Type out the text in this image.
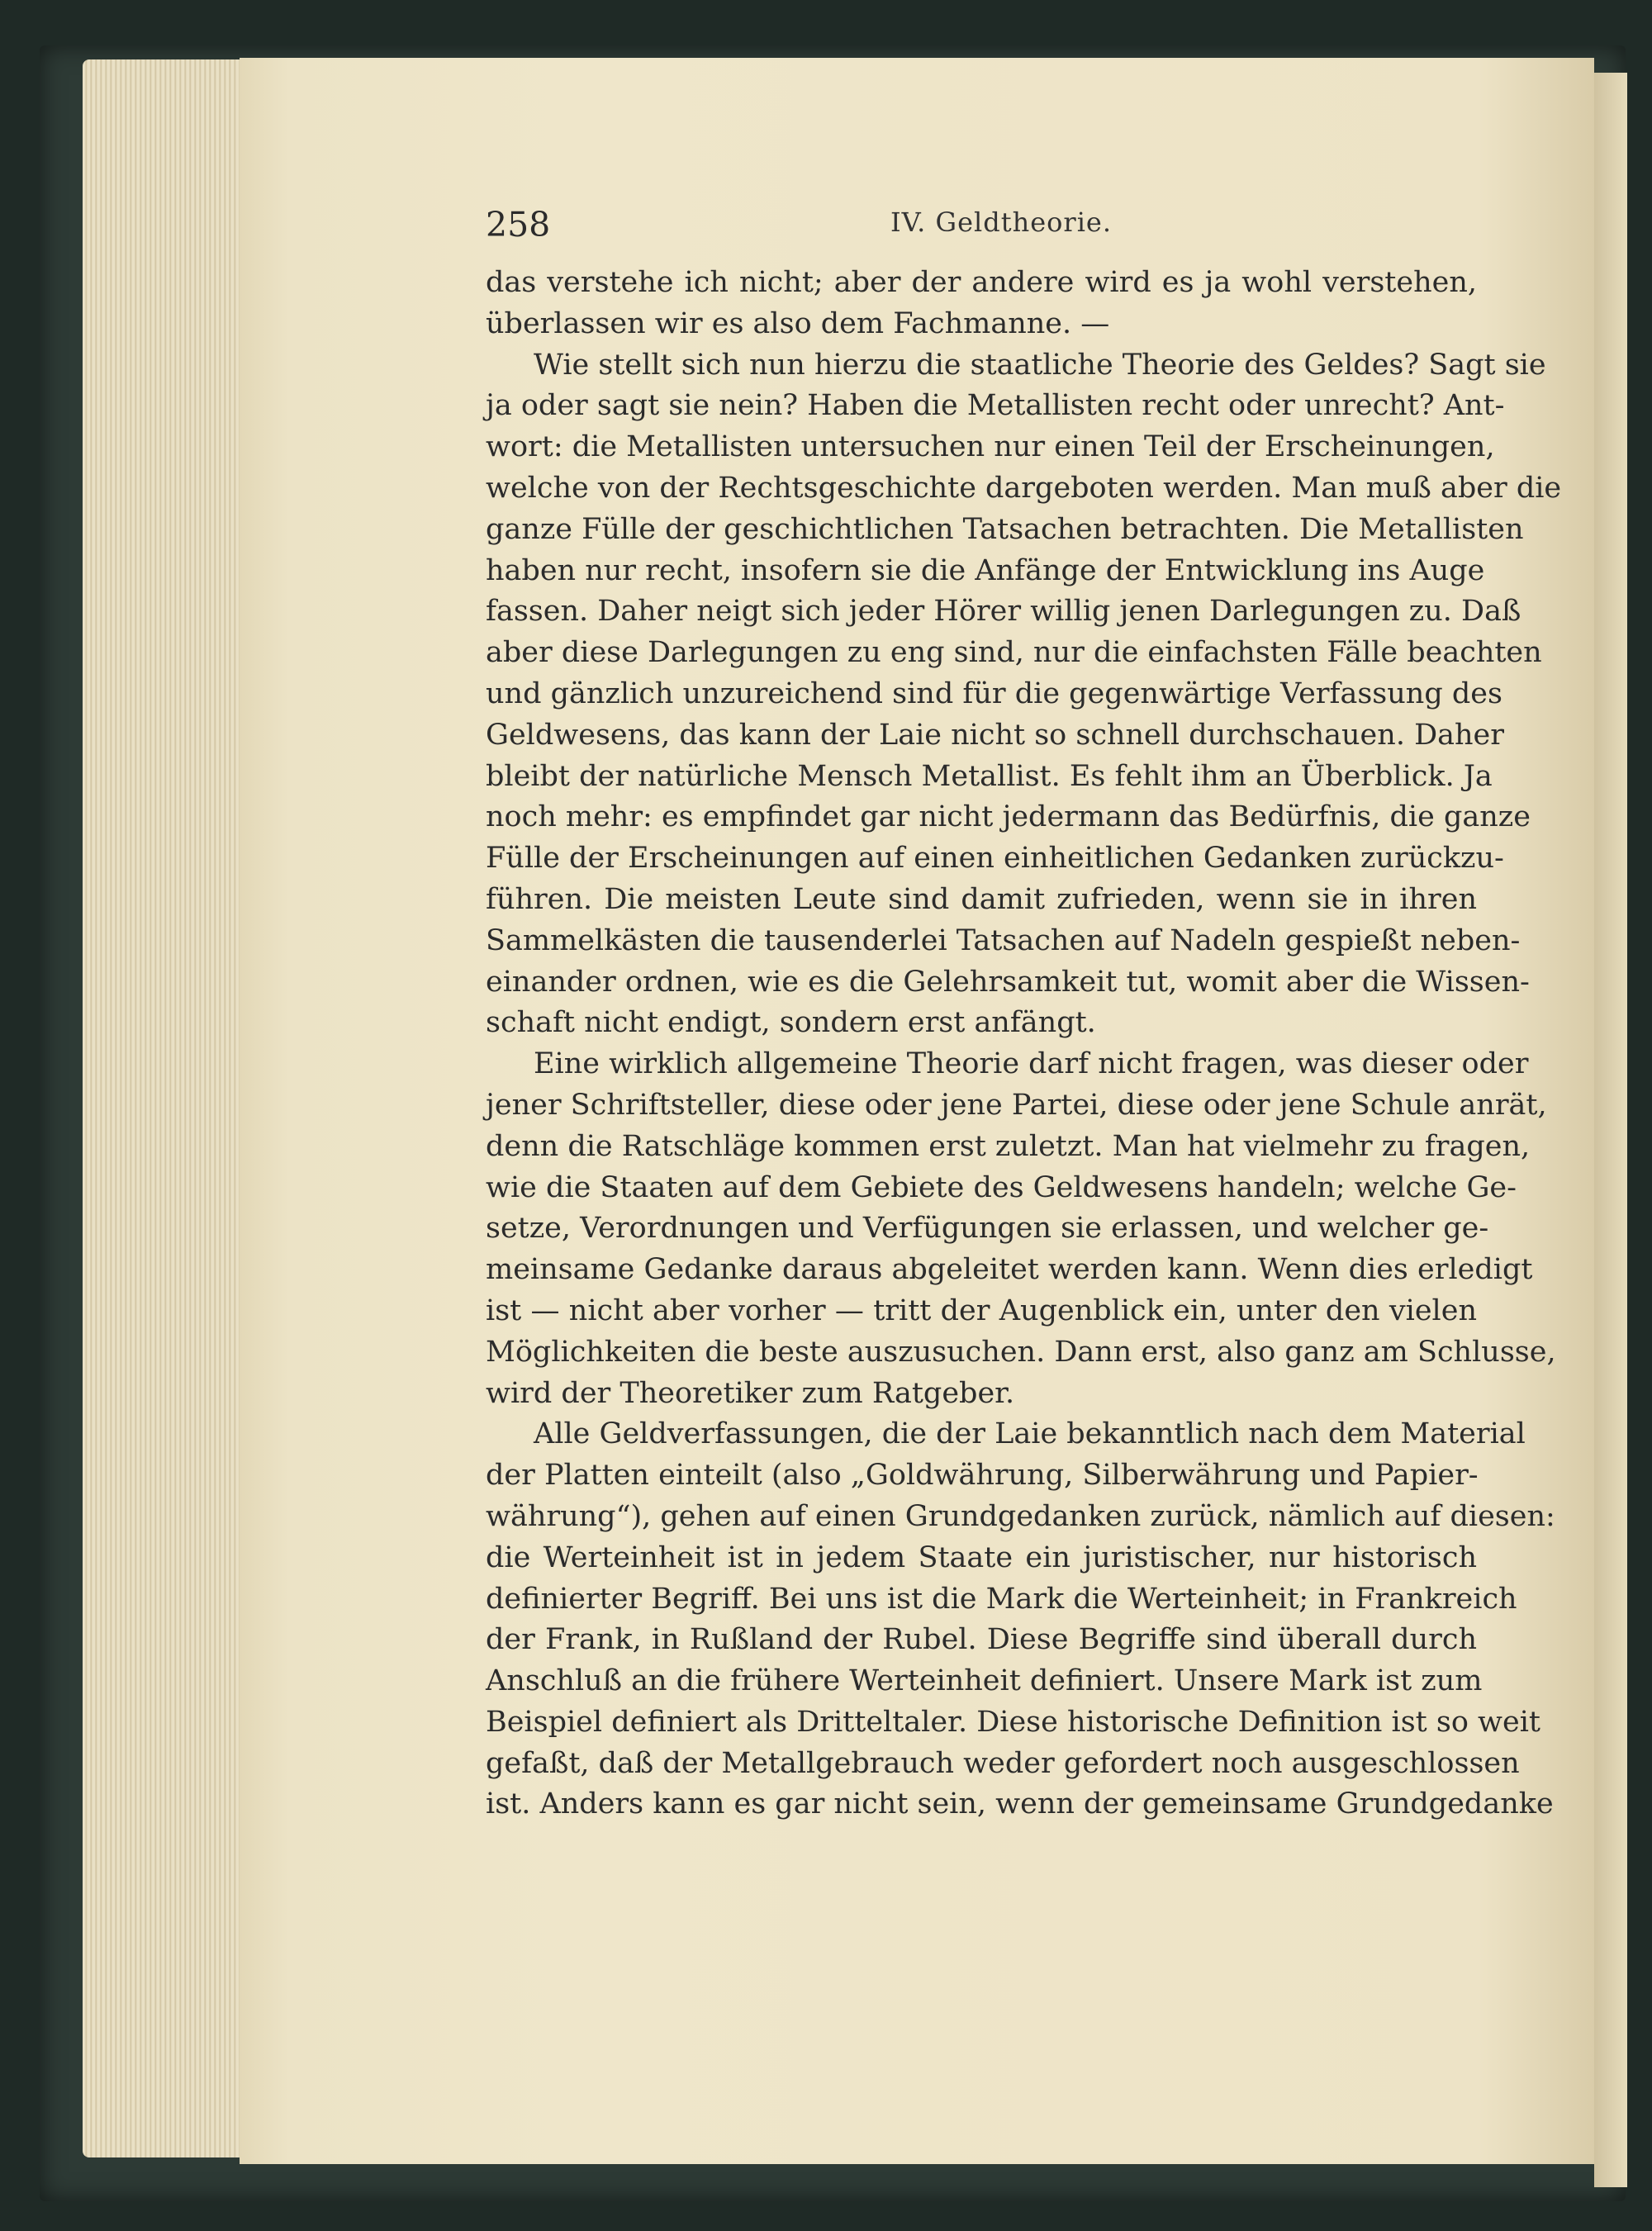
258	IV. Geldtheorie.
das verstehe ich nicht; aber der andere wird es ja wohl verstehen,
überlassen wir es also dem Fachmanne. —
Wie stellt sich nun hierzu die staatliche Theorie des Geldes? Sagt sie
ja oder sagt sie nein? Haben die Metallisten recht oder unrecht? Ant-
wort: die Metallisten untersuchen nur einen Teil der Erscheinungen,
welche von der Rechtsgeschichte dargeboten werden. Man muß aber die
ganze Fülle der geschichtlichen Tatsachen betrachten. Die Metallisten
haben nur recht, insofern sie die Anfänge der Entwicklung ins Auge
fassen. Daher neigt sich jeder Hörer willig jenen Darlegungen zu. Daß
aber diese Darlegungen zu eng sind, nur die einfachsten Fälle beachten
und gänzlich unzureichend sind für die gegenwärtige Verfassung des
Geldwesens, das kann der Laie nicht so schnell durchschauen. Daher
bleibt der natürliche Mensch Metallist. Es fehlt ihm an Überblick. Ja
noch mehr: es empfindet gar nicht jedermann das Bedürfnis, die ganze
Fülle der Erscheinungen auf einen einheitlichen Gedanken zurückzu-
führen. Die meisten Leute sind damit zufrieden, wenn sie in ihren
Sammelkästen die tausenderlei Tatsachen auf Nadeln gespießt neben-
einander ordnen, wie es die Gelehrsamkeit tut, womit aber die Wissen-
schaft nicht endigt, sondern erst anfängt.
Eine wirklich allgemeine Theorie darf nicht fragen, was dieser oder
jener Schriftsteller, diese oder jene Partei, diese oder jene Schule anrät,
denn die Ratschläge kommen erst zuletzt. Man hat vielmehr zu fragen,
wie die Staaten auf dem Gebiete des Geldwesens handeln; welche Ge-
setze, Verordnungen und Verfügungen sie erlassen, und welcher ge-
meinsame Gedanke daraus abgeleitet werden kann. Wenn dies erledigt
ist — nicht aber vorher — tritt der Augenblick ein, unter den vielen
Möglichkeiten die beste auszusuchen. Dann erst, also ganz am Schlusse,
wird der Theoretiker zum Ratgeber.
Alle Geldverfassungen, die der Laie bekanntlich nach dem Material
der Platten einteilt (also „Goldwährung, Silberwährung und Papier-
währung“), gehen auf einen Grundgedanken zurück, nämlich auf diesen:
die Werteinheit ist in jedem Staate ein juristischer, nur historisch
definierter Begriff. Bei uns ist die Mark die Werteinheit; in Frankreich
der Frank, in Rußland der Rubel. Diese Begriffe sind überall durch
Anschluß an die frühere Werteinheit definiert. Unsere Mark ist zum
Beispiel definiert als Dritteltaler. Diese historische Definition ist so weit
gefaßt, daß der Metallgebrauch weder gefordert noch ausgeschlossen
ist. Anders kann es gar nicht sein, wenn der gemeinsame Grundgedanke
